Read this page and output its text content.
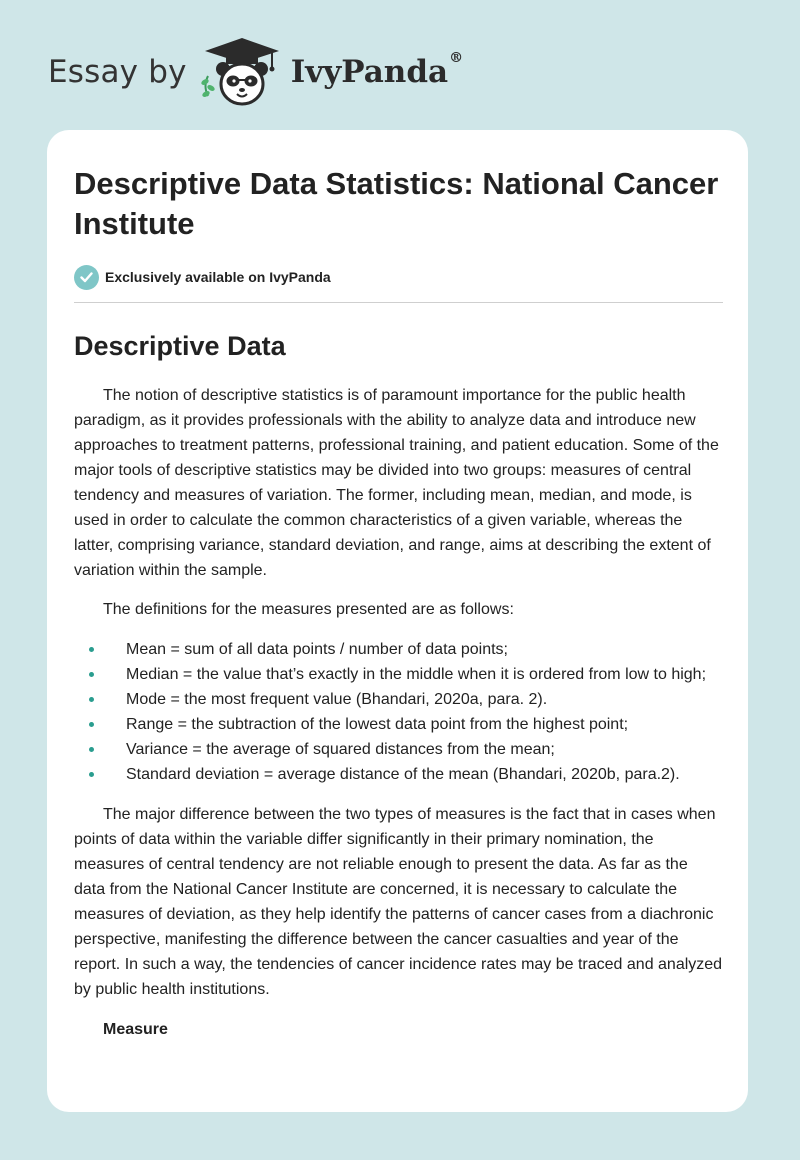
Essay by	IvyPanda®
Descriptive Data Statistics: National Cancer Institute
Exclusively available on IvyPanda
Descriptive Data

The notion of descriptive statistics is of paramount importance for the public health paradigm, as it provides professionals with the ability to analyze data and introduce new approaches to treatment patterns, professional training, and patient education. Some of the major tools of descriptive statistics may be divided into two groups: measures of central tendency and measures of variation. The former, including mean, median, and mode, is used in order to calculate the common characteristics of a given variable, whereas the latter, comprising variance, standard deviation, and range, aims at describing the extent of variation within the sample.

The definitions for the measures presented are as follows:

Mean = sum of all data points / number of data points;
Median = the value that’s exactly in the middle when it is ordered from low to high;
Mode = the most frequent value (Bhandari, 2020a, para. 2).
Range = the subtraction of the lowest data point from the highest point;
Variance = the average of squared distances from the mean;
Standard deviation = average distance of the mean (Bhandari, 2020b, para.2).

The major difference between the two types of measures is the fact that in cases when points of data within the variable differ significantly in their primary nomination, the measures of central tendency are not reliable enough to present the data. As far as the data from the National Cancer Institute are concerned, it is necessary to calculate the measures of deviation, as they help identify the patterns of cancer cases from a diachronic perspective, manifesting the difference between the cancer casualties and year of the report. In such a way, the tendencies of cancer incidence rates may be traced and analyzed by public health institutions.

Measure
